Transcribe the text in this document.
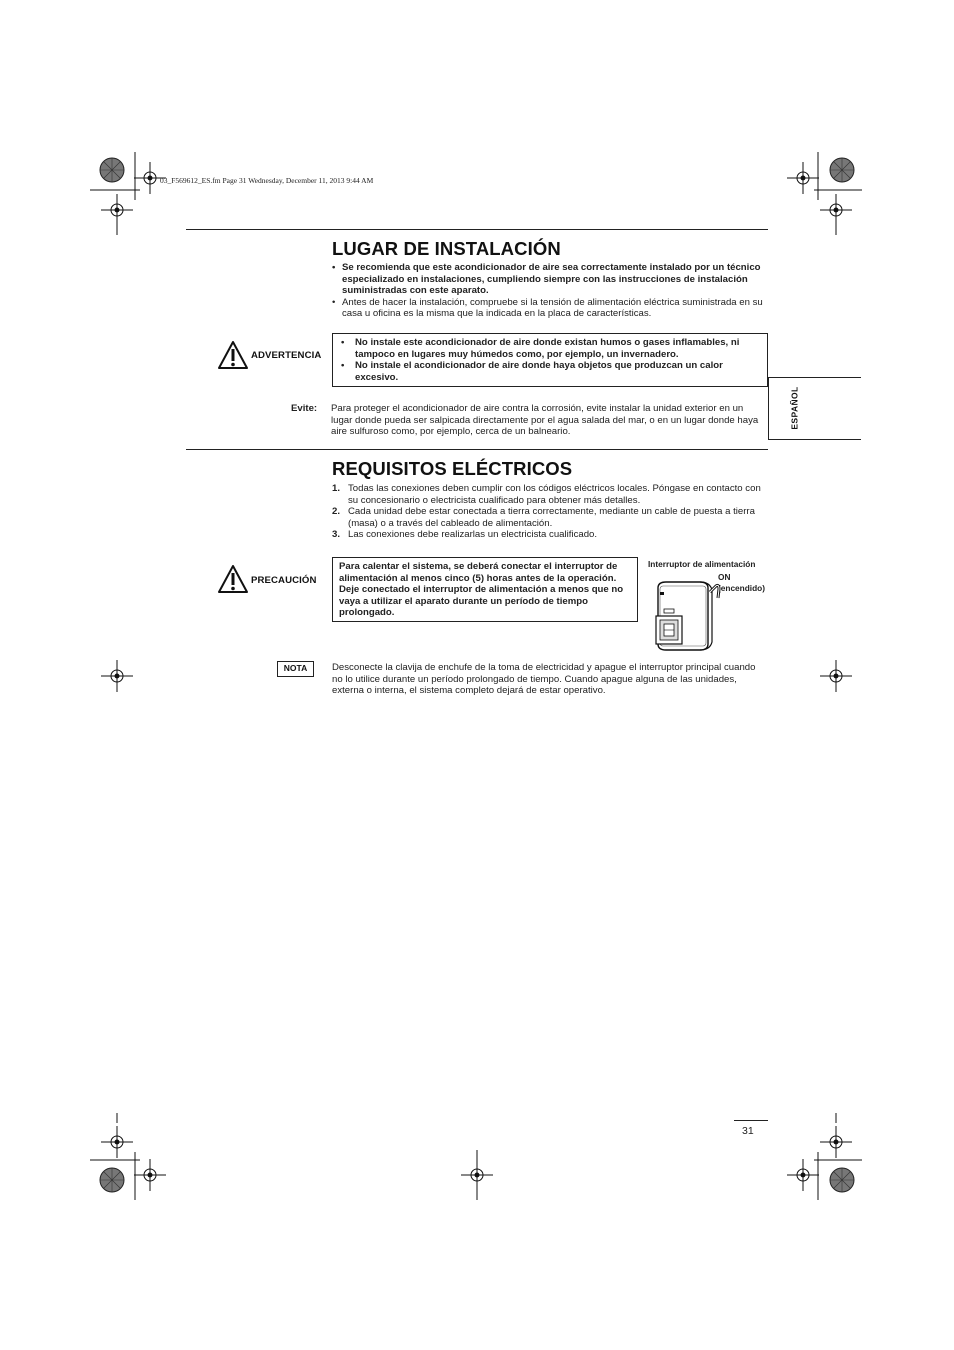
03_F569612_ES.fm Page 31 Wednesday, December 11, 2013 9:44 AM
LUGAR DE INSTALACIÓN
• Se recomienda que este acondicionador de aire sea correctamente instalado por un técnico especializado en instalaciones, cumpliendo siempre con las instrucciones de instalación suministradas con este aparato.
• Antes de hacer la instalación, compruebe si la tensión de alimentación eléctrica suministrada en su casa u oficina es la misma que la indicada en la placa de características.
ADVERTENCIA
• No instale este acondicionador de aire donde existan humos o gases inflamables, ni tampoco en lugares muy húmedos como, por ejemplo, un invernadero.
• No instale el acondicionador de aire donde haya objetos que produzcan un calor excesivo.
Evite: Para proteger el acondicionador de aire contra la corrosión, evite instalar la unidad exterior en un lugar donde pueda ser salpicada directamente por el agua salada del mar, o en un lugar donde haya aire sulfuroso como, por ejemplo, cerca de un balneario.
ESPAÑOL
REQUISITOS ELÉCTRICOS
1. Todas las conexiones deben cumplir con los códigos eléctricos locales. Póngase en contacto con su concesionario o electricista cualificado para obtener más detalles.
2. Cada unidad debe estar conectada a tierra correctamente, mediante un cable de puesta a tierra (masa) o a través del cableado de alimentación.
3. Las conexiones debe realizarlas un electricista cualificado.
PRECAUCIÓN
Para calentar el sistema, se deberá conectar el interruptor de alimentación al menos cinco (5) horas antes de la operación. Deje conectado el interruptor de alimentación a menos que no vaya a utilizar el aparato durante un período de tiempo prolongado.
Interruptor de alimentación
ON
(encendido)
NOTA	Desconecte la clavija de enchufe de la toma de electricidad y apague el interruptor principal cuando no lo utilice durante un período prolongado de tiempo. Cuando apague alguna de las unidades, externa o interna, el sistema completo dejará de estar operativo.
31
